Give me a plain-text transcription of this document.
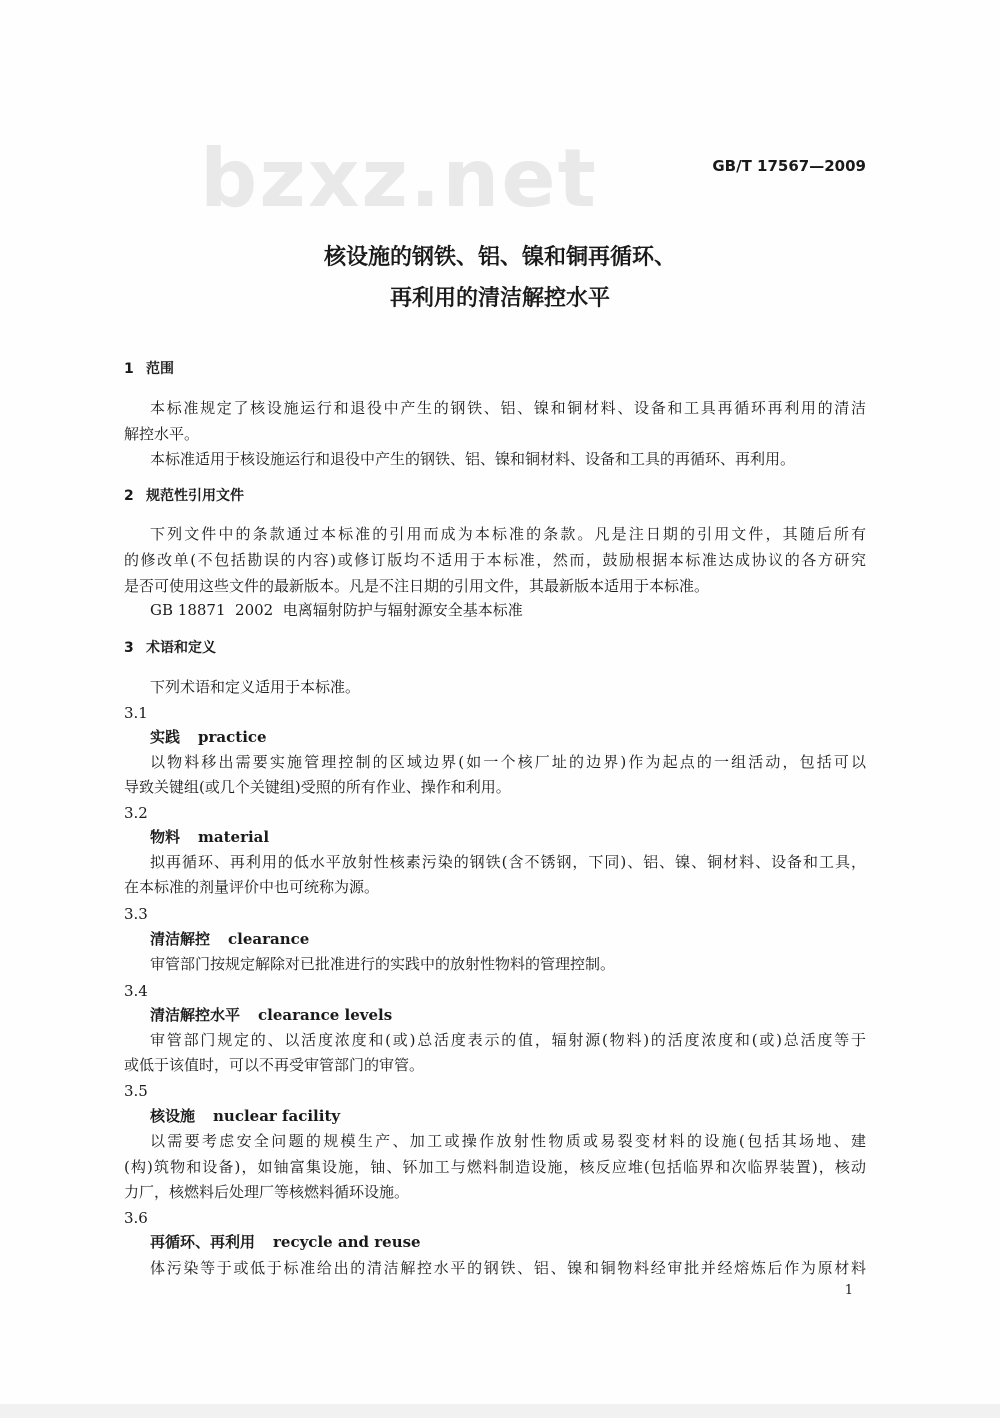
bzxz.net	GB/T 17567—2009
核设施的钢铁、铝、镍和铜再循环、
再利用的清洁解控水平
1 范围
本标准规定了核设施运行和退役中产生的钢铁、铝、镍和铜材料、设备和工具再循环再利用的清洁
解控水平。
本标准适用于核设施运行和退役中产生的钢铁、铝、镍和铜材料、设备和工具的再循环、再利用。
2 规范性引用文件
下列文件中的条款通过本标准的引用而成为本标准的条款。凡是注日期的引用文件，其随后所有
的修改单(不包括勘误的内容)或修订版均不适用于本标准，然而，鼓励根据本标准达成协议的各方研究
是否可使用这些文件的最新版本。凡是不注日期的引用文件，其最新版本适用于本标准。
GB 18871  2002  电离辐射防护与辐射源安全基本标准
3 术语和定义
下列术语和定义适用于本标准。
3.1
实践 practice
以物料移出需要实施管理控制的区域边界(如一个核厂址的边界)作为起点的一组活动，包括可以
导致关键组(或几个关键组)受照的所有作业、操作和利用。
3.2
物料 material
拟再循环、再利用的低水平放射性核素污染的钢铁(含不锈钢，下同)、铝、镍、铜材料、设备和工具，
在本标准的剂量评价中也可统称为源。
3.3
清洁解控 clearance
审管部门按规定解除对已批准进行的实践中的放射性物料的管理控制。
3.4
清洁解控水平 clearance levels
审管部门规定的、以活度浓度和(或)总活度表示的值，辐射源(物料)的活度浓度和(或)总活度等于
或低于该值时，可以不再受审管部门的审管。
3.5
核设施 nuclear facility
以需要考虑安全问题的规模生产、加工或操作放射性物质或易裂变材料的设施(包括其场地、建
(构)筑物和设备)，如铀富集设施，铀、钚加工与燃料制造设施，核反应堆(包括临界和次临界装置)，核动
力厂，核燃料后处理厂等核燃料循环设施。
3.6
再循环、再利用 recycle and reuse
体污染等于或低于标准给出的清洁解控水平的钢铁、铝、镍和铜物料经审批并经熔炼后作为原材料
1
